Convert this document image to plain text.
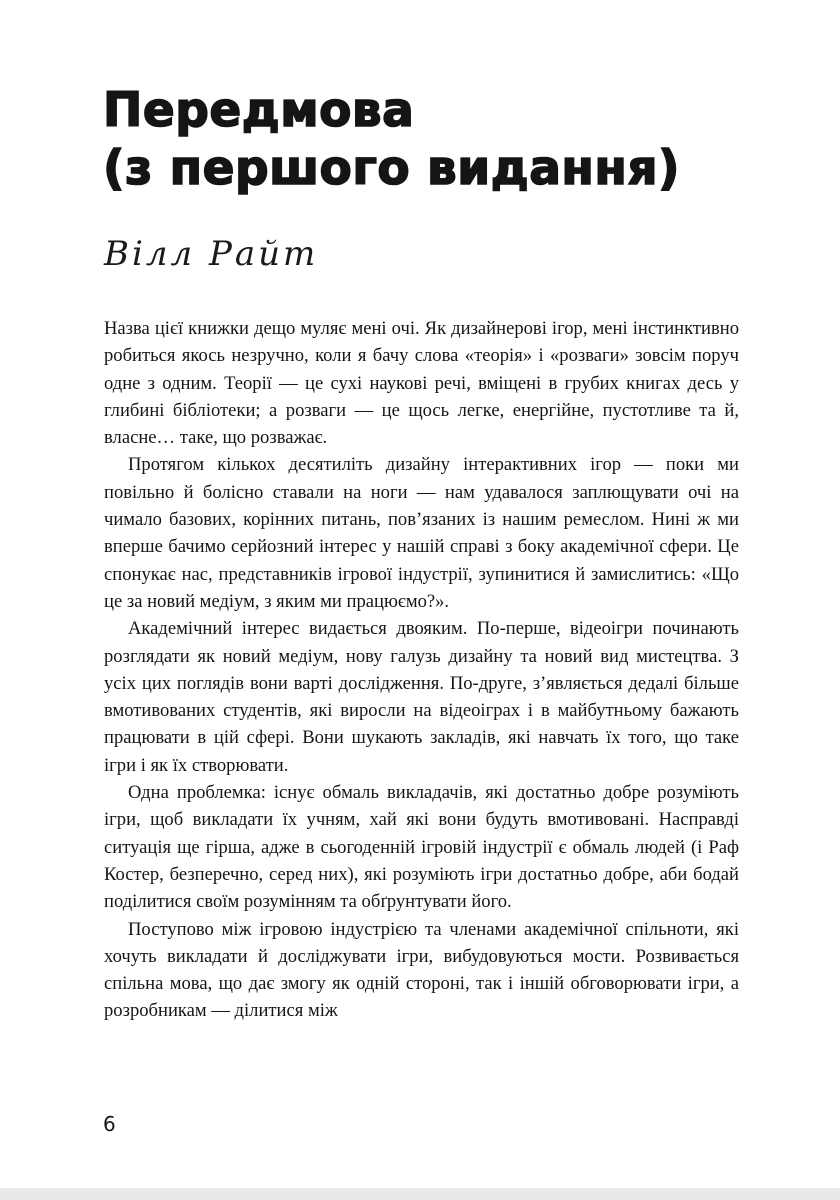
Передмова
(з першого видання)
Вілл Райт

Назва цієї книжки дещо муляє мені очі. Як дизайнерові ігор, мені інстинктивно робиться якось незручно, коли я бачу слова «теорія» і «розваги» зовсім поруч одне з одним. Теорії — це сухі наукові речі, вміщені в грубих книгах десь у глибині бібліотеки; а розваги — це щось легке, енергійне, пустотливе та й, власне… таке, що розважає.

Протягом кількох десятиліть дизайну інтерактивних ігор — поки ми повільно й болісно ставали на ноги — нам удавалося заплющувати очі на чимало базових, корінних питань, пов’язаних із нашим ремеслом. Нині ж ми вперше бачимо серйозний інтерес у нашій справі з боку академічної сфери. Це спонукає нас, представників ігрової індустрії, зупинитися й замислитись: «Що це за новий медіум, з яким ми працюємо?».

Академічний інтерес видається двояким. По-перше, відеоігри починають розглядати як новий медіум, нову галузь дизайну та новий вид мистецтва. З усіх цих поглядів вони варті дослідження. По-друге, з’являється дедалі більше вмотивованих студентів, які виросли на відеоіграх і в майбутньому бажають працювати в цій сфері. Вони шукають закладів, які навчать їх того, що таке ігри і як їх створювати.

Одна проблемка: існує обмаль викладачів, які достатньо добре розуміють ігри, щоб викладати їх учням, хай які вони будуть вмотивовані. Насправді ситуація ще гірша, адже в сьогоденній ігровій індустрії є обмаль людей (і Раф Костер, безперечно, серед них), які розуміють ігри достатньо добре, аби бодай поділитися своїм розумінням та обґрунтувати його.

Поступово між ігровою індустрією та членами академічної спільноти, які хочуть викладати й досліджувати ігри, вибудовуються мости. Розвивається спільна мова, що дає змогу як одній стороні, так і іншій обговорювати ігри, а розробникам — ділитися між

6
